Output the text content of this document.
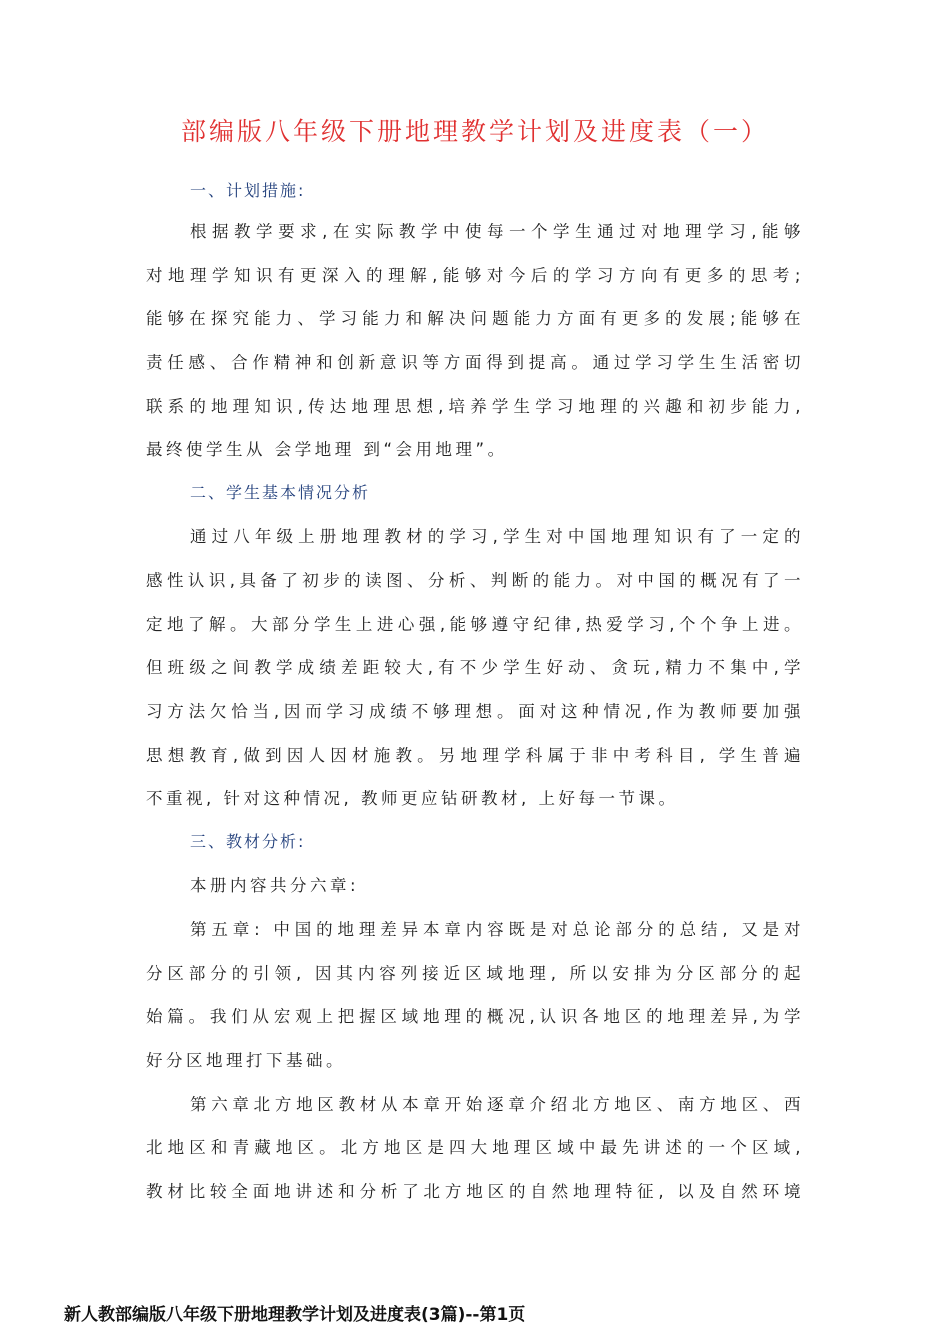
部编版八年级下册地理教学计划及进度表（一）
一、计划措施:
根据教学要求,在实际教学中使每一个学生通过对地理学习,能够
对地理学知识有更深入的理解,能够对今后的学习方向有更多的思考;
能够在探究能力、学习能力和解决问题能力方面有更多的发展;能够在
责任感、合作精神和创新意识等方面得到提高。通过学习学生生活密切
联系的地理知识,传达地理思想,培养学生学习地理的兴趣和初步能力,
最终使学生从 会学地理 到“会用地理”。
二、学生基本情况分析
通过八年级上册地理教材的学习,学生对中国地理知识有了一定的
感性认识,具备了初步的读图、分析、判断的能力。对中国的概况有了一
定地了解。大部分学生上进心强,能够遵守纪律,热爱学习,个个争上进。
但班级之间教学成绩差距较大,有不少学生好动、贪玩,精力不集中,学
习方法欠恰当,因而学习成绩不够理想。面对这种情况,作为教师要加强
思想教育,做到因人因材施教。另地理学科属于非中考科目, 学生普遍
不重视, 针对这种情况, 教师更应钻研教材, 上好每一节课。
三、教材分析:
本册内容共分六章:
第五章: 中国的地理差异本章内容既是对总论部分的总结, 又是对
分区部分的引领, 因其内容列接近区域地理, 所以安排为分区部分的起
始篇。我们从宏观上把握区域地理的概况,认识各地区的地理差异,为学
好分区地理打下基础。
第六章北方地区教材从本章开始逐章介绍北方地区、南方地区、西
北地区和青藏地区。北方地区是四大地理区域中最先讲述的一个区域,
教材比较全面地讲述和分析了北方地区的自然地理特征, 以及自然环境
新人教部编版八年级下册地理教学计划及进度表(3篇)--第1页
